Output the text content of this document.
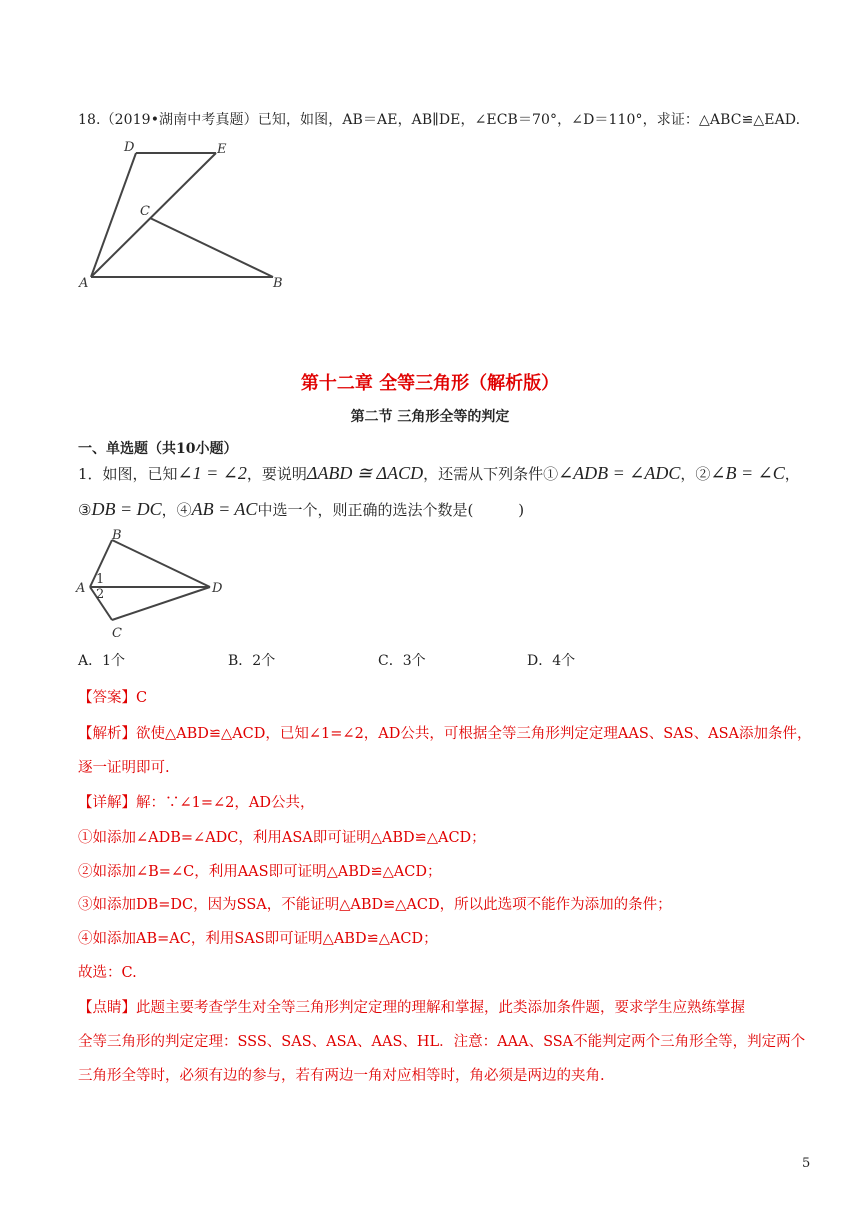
18.（2019•湖南中考真题）已知，如图，AB＝AE，AB∥DE，∠ECB＝70°，∠D＝110°，求证：△ABC≌△EAD.
D	E
C
A	B
第十二章 全等三角形（解析版）
第二节 三角形全等的判定
一、单选题（共10小题）
1．如图，已知∠1 = ∠2，要说明ΔABD ≅ ΔACD，还需从下列条件①∠ADB = ∠ADC，②∠B = ∠C，
③DB = DC，④AB = AC中选一个，则正确的选法个数是(　　　)
B
A
1
2	D
C
A．1个	B．2个	C．3个	D．4个
【答案】C
【解析】欲使△ABD≌△ACD，已知∠1=∠2，AD公共，可根据全等三角形判定定理AAS、SAS、ASA添加条件，
逐一证明即可.
【详解】解：∵∠1=∠2，AD公共，
①如添加∠ADB=∠ADC，利用ASA即可证明△ABD≌△ACD；
②如添加∠B=∠C，利用AAS即可证明△ABD≌△ACD；
③如添加DB=DC，因为SSA，不能证明△ABD≌△ACD，所以此选项不能作为添加的条件；
④如添加AB=AC，利用SAS即可证明△ABD≌△ACD；
故选：C.
【点睛】此题主要考查学生对全等三角形判定定理的理解和掌握，此类添加条件题，要求学生应熟练掌握
全等三角形的判定定理：SSS、SAS、ASA、AAS、HL．注意：AAA、SSA不能判定两个三角形全等，判定两个
三角形全等时，必须有边的参与，若有两边一角对应相等时，角必须是两边的夹角.
5
